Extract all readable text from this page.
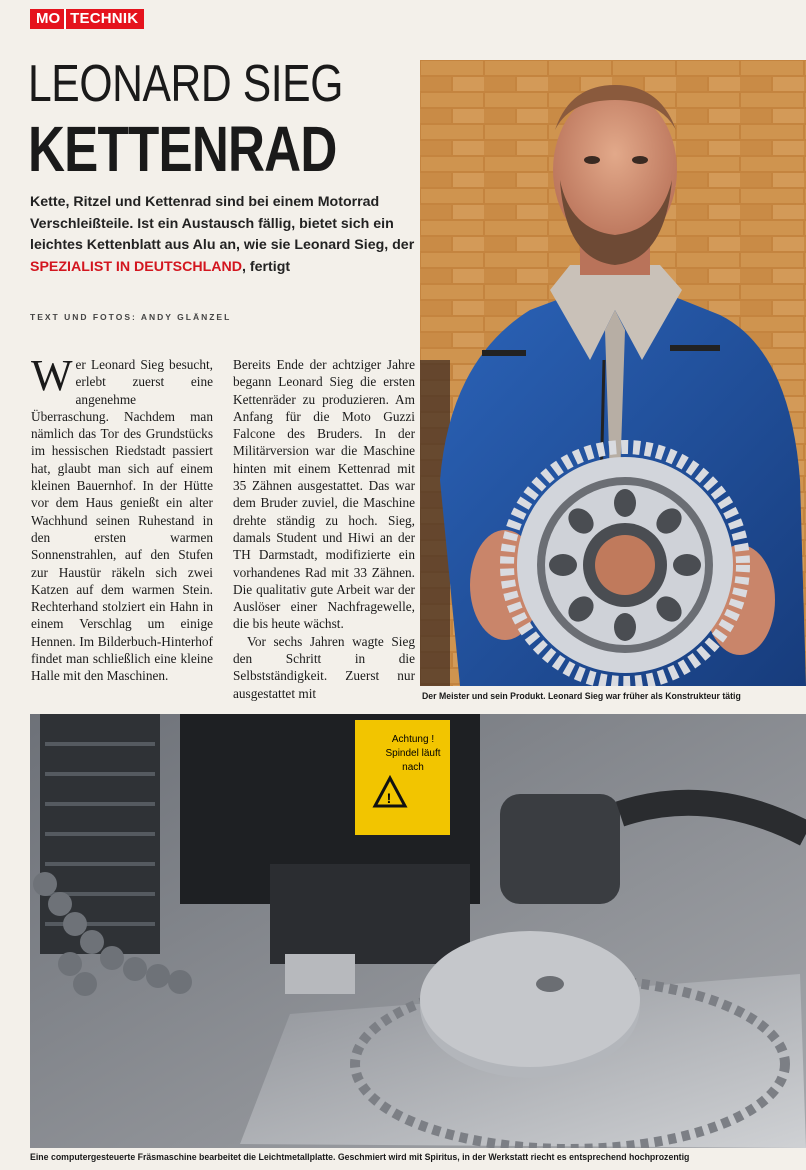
MO TECHNIK
LEONARD SIEG
KETTENRAD
Kette, Ritzel und Kettenrad sind bei einem Motorrad Verschleißteile. Ist ein Austausch fällig, bietet sich ein leichtes Kettenblatt aus Alu an, wie sie Leonard Sieg, der SPEZIALIST IN DEUTSCHLAND, fertigt
TEXT UND FOTOS: ANDY GLÄNZEL

Wer Leonard Sieg besucht, erlebt zuerst eine angenehme Überraschung. Nachdem man nämlich das Tor des Grundstücks im hessischen Riedstadt passiert hat, glaubt man sich auf einem kleinen Bauernhof. In der Hütte vor dem Haus genießt ein alter Wachhund seinen Ruhestand in den ersten warmen Sonnenstrahlen, auf den Stufen zur Haustür räkeln sich zwei Katzen auf dem warmen Stein. Rechterhand stolziert ein Hahn in einem Verschlag um einige Hennen. Im Bilderbuch-Hinterhof findet man schließlich eine kleine Halle mit den Maschinen.

Bereits Ende der achtziger Jahre begann Leonard Sieg die ersten Kettenräder zu produzieren. Am Anfang für die Moto Guzzi Falcone des Bruders. In der Militärversion war die Maschine hinten mit einem Kettenrad mit 35 Zähnen ausgestattet. Das war dem Bruder zuviel, die Maschine drehte ständig zu hoch. Sieg, damals Student und Hiwi an der TH Darmstadt, modifizierte ein vorhandenes Rad mit 33 Zähnen. Die qualitativ gute Arbeit war der Auslöser einer Nachfragewelle, die bis heute wächst.

Vor sechs Jahren wagte Sieg den Schritt in die Selbstständigkeit. Zuerst nur ausgestattet mit	Der Meister und sein Produkt. Leonard Sieg war früher als Konstrukteur tätig
!
Achtung !
Spindel läuft
nach
Eine computergesteuerte Fräsmaschine bearbeitet die Leichtmetallplatte. Geschmiert wird mit Spiritus, in der Werkstatt riecht es entsprechend hochprozentig
